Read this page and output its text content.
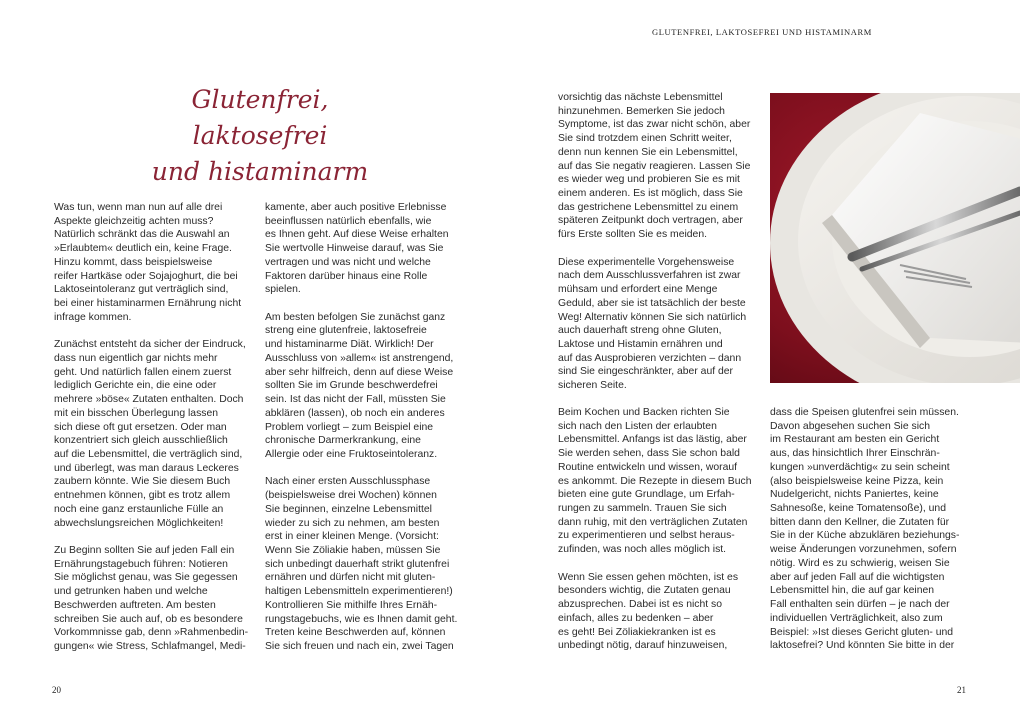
GLUTENFREI, LAKTOSEFREI UND HISTAMINARM
Glutenfrei, laktosefrei
und histaminarm

Was tun, wenn man nun auf alle drei
Aspekte gleichzeitig achten muss?
Natürlich schränkt das die Auswahl an
»Erlaubtem« deutlich ein, keine Frage.
Hinzu kommt, dass beispielsweise
reifer Hartkäse oder Sojajoghurt, die bei
Laktoseintoleranz gut verträglich sind,
bei einer histaminarmen Ernährung nicht
infrage kommen.

Zunächst entsteht da sicher der Eindruck,
dass nun eigentlich gar nichts mehr
geht. Und natürlich fallen einem zuerst
lediglich Gerichte ein, die eine oder
mehrere »böse« Zutaten enthalten. Doch
mit ein bisschen Überlegung lassen
sich diese oft gut ersetzen. Oder man
konzentriert sich gleich ausschließlich
auf die Lebensmittel, die verträglich sind,
und überlegt, was man daraus Leckeres
zaubern könnte. Wie Sie diesem Buch
entnehmen können, gibt es trotz allem
noch eine ganz erstaunliche Fülle an
abwechslungsreichen Möglichkeiten!

Zu Beginn sollten Sie auf jeden Fall ein
Ernährungstagebuch führen: Notieren
Sie möglichst genau, was Sie gegessen
und getrunken haben und welche
Beschwerden auftreten. Am besten
schreiben Sie auch auf, ob es besondere
Vorkommnisse gab, denn »Rahmenbedin-
gungen« wie Stress, Schlafmangel, Medi-

kamente, aber auch positive Erlebnisse
beeinflussen natürlich ebenfalls, wie
es Ihnen geht. Auf diese Weise erhalten
Sie wertvolle Hinweise darauf, was Sie
vertragen und was nicht und welche
Faktoren darüber hinaus eine Rolle
spielen.

Am besten befolgen Sie zunächst ganz
streng eine glutenfreie, laktosefreie
und histaminarme Diät. Wirklich! Der
Ausschluss von »allem« ist anstrengend,
aber sehr hilfreich, denn auf diese Weise
sollten Sie im Grunde beschwerdefrei
sein. Ist das nicht der Fall, müssten Sie
abklären (lassen), ob noch ein anderes
Problem vorliegt – zum Beispiel eine
chronische Darmerkrankung, eine
Allergie oder eine Fruktoseintoleranz.

Nach einer ersten Ausschlussphase
(beispielsweise drei Wochen) können
Sie beginnen, einzelne Lebensmittel
wieder zu sich zu nehmen, am besten
erst in einer kleinen Menge. (Vorsicht:
Wenn Sie Zöliakie haben, müssen Sie
sich unbedingt dauerhaft strikt glutenfrei
ernähren und dürfen nicht mit gluten-
haltigen Lebensmitteln experimentieren!)
Kontrollieren Sie mithilfe Ihres Ernäh-
rungstagebuchs, wie es Ihnen damit geht.
Treten keine Beschwerden auf, können
Sie sich freuen und nach ein, zwei Tagen

vorsichtig das nächste Lebensmittel
hinzunehmen. Bemerken Sie jedoch
Symptome, ist das zwar nicht schön, aber
Sie sind trotzdem einen Schritt weiter,
denn nun kennen Sie ein Lebensmittel,
auf das Sie negativ reagieren. Lassen Sie
es wieder weg und probieren Sie es mit
einem anderen. Es ist möglich, dass Sie
das gestrichene Lebensmittel zu einem
späteren Zeitpunkt doch vertragen, aber
fürs Erste sollten Sie es meiden.

Diese experimentelle Vorgehensweise
nach dem Ausschlussverfahren ist zwar
mühsam und erfordert eine Menge
Geduld, aber sie ist tatsächlich der beste
Weg! Alternativ können Sie sich natürlich
auch dauerhaft streng ohne Gluten,
Laktose und Histamin ernähren und
auf das Ausprobieren verzichten – dann
sind Sie eingeschränkter, aber auf der
sicheren Seite.

Beim Kochen und Backen richten Sie
sich nach den Listen der erlaubten
Lebensmittel. Anfangs ist das lästig, aber
Sie werden sehen, dass Sie schon bald
Routine entwickeln und wissen, worauf
es ankommt. Die Rezepte in diesem Buch
bieten eine gute Grundlage, um Erfah-
rungen zu sammeln. Trauen Sie sich
dann ruhig, mit den verträglichen Zutaten
zu experimentieren und selbst heraus-
zufinden, was noch alles möglich ist.

Wenn Sie essen gehen möchten, ist es
besonders wichtig, die Zutaten genau
abzusprechen. Dabei ist es nicht so
einfach, alles zu bedenken – aber
es geht! Bei Zöliakiekranken ist es
unbedingt nötig, darauf hinzuweisen,

dass die Speisen glutenfrei sein müssen.
Davon abgesehen suchen Sie sich
im Restaurant am besten ein Gericht
aus, das hinsichtlich Ihrer Einschrän-
kungen »unverdächtig« zu sein scheint
(also beispielsweise keine Pizza, kein
Nudelgericht, nichts Paniertes, keine
Sahnesoße, keine Tomatensoße), und
bitten dann den Kellner, die Zutaten für
Sie in der Küche abzuklären beziehungs-
weise Änderungen vorzunehmen, sofern
nötig. Wird es zu schwierig, weisen Sie
aber auf jeden Fall auf die wichtigsten
Lebensmittel hin, die auf gar keinen
Fall enthalten sein dürfen – je nach der
individuellen Verträglichkeit, also zum
Beispiel: »Ist dieses Gericht gluten- und
laktosefrei? Und könnten Sie bitte in der

20	21
